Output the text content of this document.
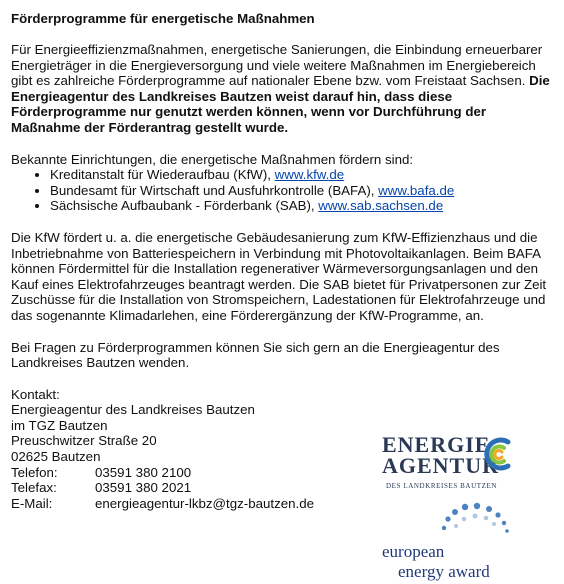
Förderprogramme für energetische Maßnahmen

Für Energieeffizienzmaßnahmen, energetische Sanierungen, die Einbindung erneuerbarer Energieträger in die Energieversorgung und viele weitere Maßnahmen im Energiebereich gibt es zahlreiche Förderprogramme auf nationaler Ebene bzw. vom Freistaat Sachsen. Die Energieagentur des Landkreises Bautzen weist darauf hin, dass diese Förderprogramme nur genutzt werden können, wenn vor Durchführung der Maßnahme der Förderantrag gestellt wurde.

Bekannte Einrichtungen, die energetische Maßnahmen fördern sind:
• Kreditanstalt für Wiederaufbau (KfW), www.kfw.de
• Bundesamt für Wirtschaft und Ausfuhrkontrolle (BAFA), www.bafa.de
• Sächsische Aufbaubank - Förderbank (SAB), www.sab.sachsen.de

Die KfW fördert u. a. die energetische Gebäudesanierung zum KfW-Effizienzhaus und die Inbetriebnahme von Batteriespeichern in Verbindung mit Photovoltaikanlagen. Beim BAFA können Fördermittel für die Installation regenerativer Wärmeversorgungsanlagen und den Kauf eines Elektrofahrzeuges beantragt werden. Die SAB bietet für Privatpersonen zur Zeit Zuschüsse für die Installation von Stromspeichern, Ladestationen für Elektrofahrzeuge und das sogenannte Klimadarlehen, eine Förderergänzung der KfW-Programme, an.

Bei Fragen zu Förderprogrammen können Sie sich gern an die Energieagentur des Landkreises Bautzen wenden.

Kontakt:
Energieagentur des Landkreises Bautzen
im TGZ Bautzen
Preuschwitzer Straße 20
02625 Bautzen
Telefon:	03591 380 2100
Telefax:	03591 380 2021
E-Mail:	energieagentur-lkbz@tgz-bautzen.de
ENERGIE
AGENTUR
DES LANDKREISES BAUTZEN
european
energy award
